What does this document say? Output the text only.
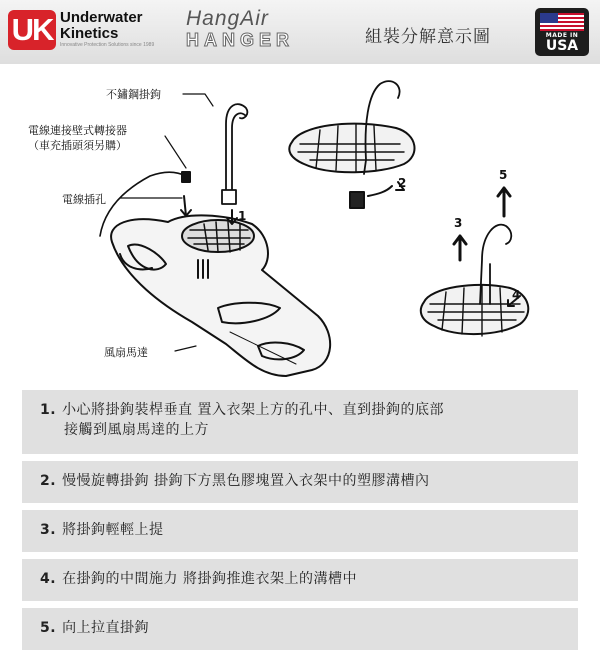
UK Underwater
Kinetics
Innovative Protection Solutions since 1989
HangAir
HANGER	組裝分解意示圖	MADE IN
USA
不鏽鋼掛鉤
電線連接壁式轉接器
（車充插頭須另購）
電線插孔
風扇馬達
1
2
3
4
5
1. 小心將掛鉤裝桿垂直 置入衣架上方的孔中、直到掛鉤的底部
接觸到風扇馬達的上方
2. 慢慢旋轉掛鉤 掛鉤下方黑色膠塊置入衣架中的塑膠溝槽內
3. 將掛鉤輕輕上提
4. 在掛鉤的中間施力 將掛鉤推進衣架上的溝槽中
5. 向上拉直掛鉤
